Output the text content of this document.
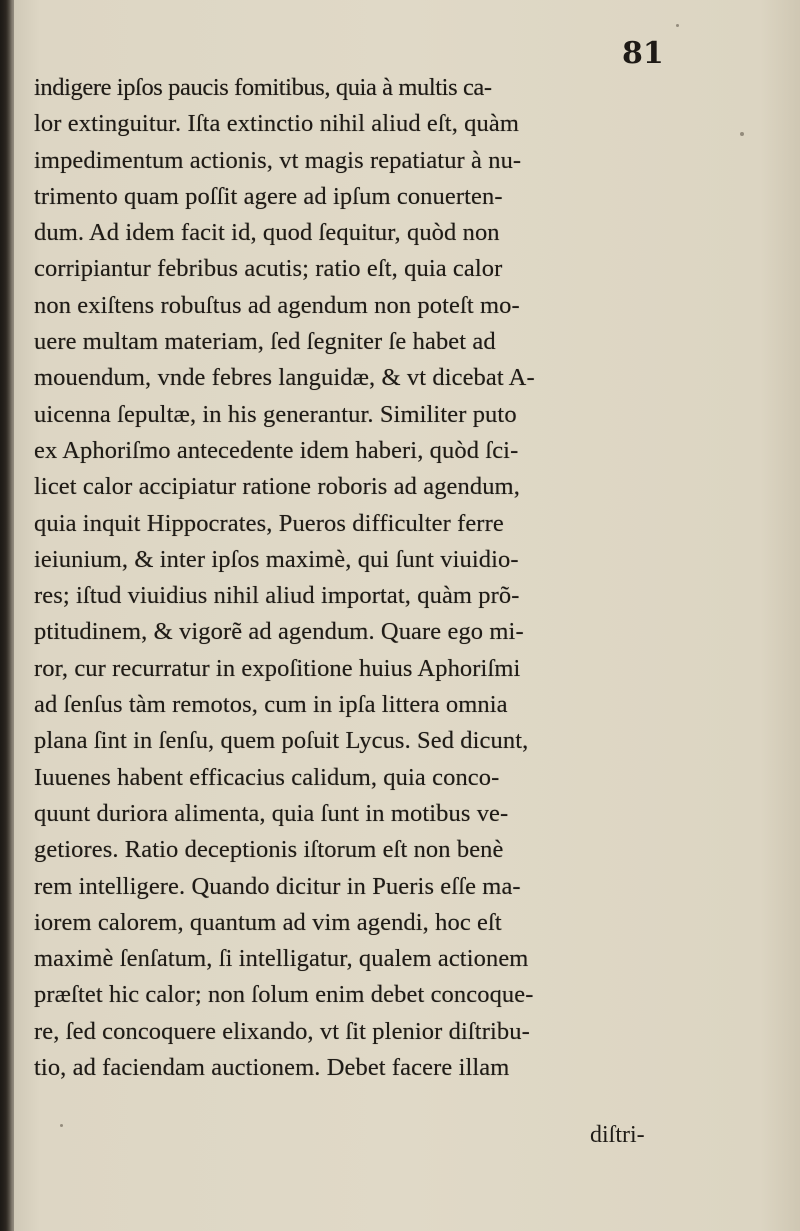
81
indigere ipſos paucis fomitibus, quia à multis ca-
lor extinguitur. Iſta extinctio nihil aliud eſt, quàm
impedimentum actionis, vt magis repatiatur à nu-
trimento quam poſſit agere ad ipſum conuerten-
dum. Ad idem facit id, quod ſequitur, quòd non
corripiantur febribus acutis; ratio eſt, quia calor
non exiſtens robuſtus ad agendum non poteſt mo-
uere multam materiam, ſed ſegniter ſe habet ad
mouendum, vnde febres languidæ, & vt dicebat A-
uicenna ſepultæ, in his generantur. Similiter puto
ex Aphoriſmo antecedente idem haberi, quòd ſci-
licet calor accipiatur ratione roboris ad agendum,
quia inquit Hippocrates, Pueros difficulter ferre
ieiunium, & inter ipſos maximè, qui ſunt viuidio-
res; iſtud viuidius nihil aliud importat, quàm prõ-
ptitudinem, & vigorẽ ad agendum. Quare ego mi-
ror, cur recurratur in expoſitione huius Aphoriſmi
ad ſenſus tàm remotos, cum in ipſa littera omnia
plana ſint in ſenſu, quem poſuit Lycus. Sed dicunt,
Iuuenes habent efficacius calidum, quia conco-
quunt duriora alimenta, quia ſunt in motibus ve-
getiores. Ratio deceptionis iſtorum eſt non benè
rem intelligere. Quando dicitur in Pueris eſſe ma-
iorem calorem, quantum ad vim agendi, hoc eſt
maximè ſenſatum, ſi intelligatur, qualem actionem
præſtet hic calor; non ſolum enim debet concoque-
re, ſed concoquere elixando, vt ſit plenior diſtribu-
tio, ad faciendam auctionem. Debet facere illam
diſtri-
